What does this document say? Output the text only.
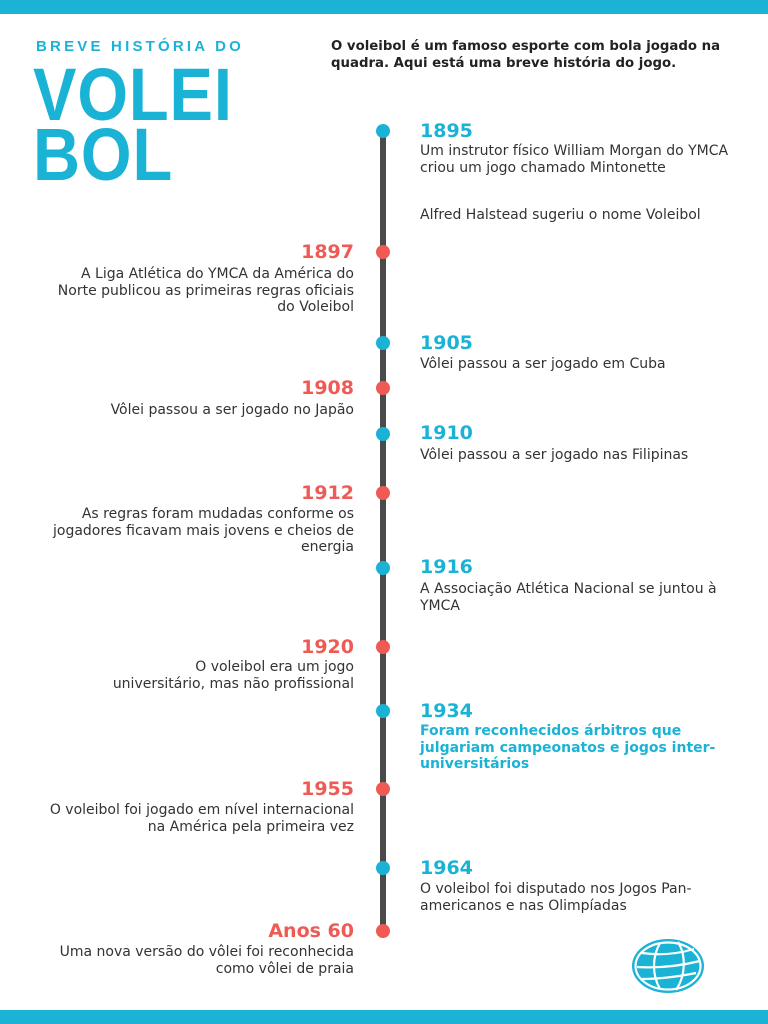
BREVE HISTÓRIA DO
VOLEI
BOL
O voleibol é um famoso esporte com bola jogado na quadra. Aqui está uma breve história do jogo.
1895
Um instrutor físico William Morgan do YMCA criou um jogo chamado Mintonette
Alfred Halstead sugeriu o nome Voleibol
1897
A Liga Atlética do YMCA da América do Norte publicou as primeiras regras oficiais do Voleibol
1905
Vôlei passou a ser jogado em Cuba
1908
Vôlei passou a ser jogado no Japão
1910
Vôlei passou a ser jogado nas Filipinas
1912
As regras foram mudadas conforme os jogadores ficavam mais jovens e cheios de energia
1916
A Associação Atlética Nacional se juntou à YMCA
1920
O voleibol era um jogo universitário, mas não profissional
1934
Foram reconhecidos árbitros que julgariam campeonatos e jogos inter-universitários
1955
O voleibol foi jogado em nível internacional na América pela primeira vez
1964
O voleibol foi disputado nos Jogos Pan-americanos e nas Olimpíadas
Anos 60
Uma nova versão do vôlei foi reconhecida como vôlei de praia
